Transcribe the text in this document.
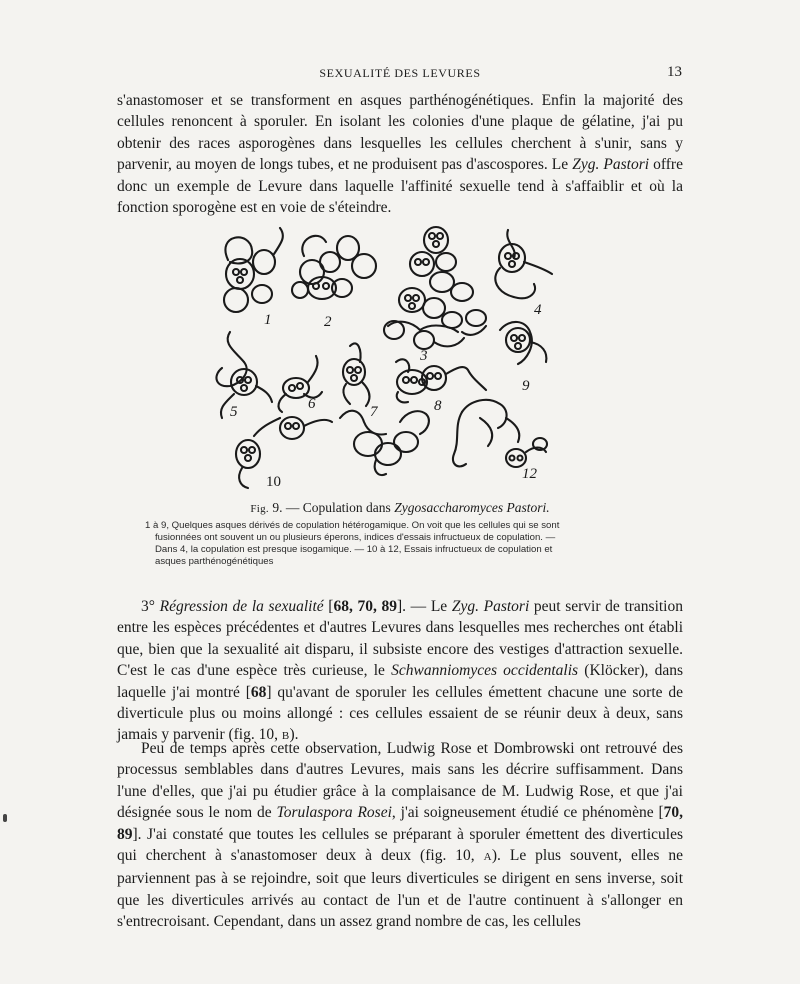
SEXUALITÉ DES LEVURES	13

s'anastomoser et se transforment en asques parthénogénétiques. Enfin la majorité des cellules renoncent à sporuler. En isolant les colonies d'une plaque de gélatine, j'ai pu obtenir des races asporogènes dans lesquelles les cellules cherchent à s'unir, sans y parvenir, au moyen de longs tubes, et ne produisent pas d'ascospores. Le Zyg. Pastori offre donc un exemple de Levure dans laquelle l'affinité sexuelle tend à s'affaiblir et où la fonction sporogène est en voie de s'éteindre.

1	2
3
4
5	6	7	8
9
10	12
Fig. 9. — Copulation dans Zygosaccharomyces Pastori.

1 à 9, Quelques asques dérivés de copulation hétérogamique. On voit que les cellules qui se sont
fusionnées ont souvent un ou plusieurs éperons, indices d'essais infructueux de copulation. —
Dans 4, la copulation est presque isogamique. — 10 à 12, Essais infructueux de copulation et
asques parthénogénétiques

3° Régression de la sexualité [68, 70, 89]. — Le Zyg. Pastori peut servir de transition entre les espèces précédentes et d'autres Levures dans lesquelles mes recherches ont établi que, bien que la sexualité ait disparu, il subsiste encore des vestiges d'attraction sexuelle. C'est le cas d'une espèce très curieuse, le Schwanniomyces occidentalis (Klöcker), dans laquelle j'ai montré [68] qu'avant de sporuler les cellules émettent chacune une sorte de diverticule plus ou moins allongé : ces cellules essaient de se réunir deux à deux, sans jamais y parvenir (fig. 10, B).

Peu de temps après cette observation, Ludwig Rose et Dombrowski ont retrouvé des processus semblables dans d'autres Levures, mais sans les décrire suffisamment. Dans l'une d'elles, que j'ai pu étudier grâce à la complaisance de M. Ludwig Rose, et que j'ai désignée sous le nom de Torulaspora Rosei, j'ai soigneusement étudié ce phénomène [70, 89]. J'ai constaté que toutes les cellules se préparant à sporuler émettent des diverticules qui cherchent à s'anastomoser deux à deux (fig. 10, A). Le plus souvent, elles ne parviennent pas à se rejoindre, soit que leurs diverticules se dirigent en sens inverse, soit que les diverticules arrivés au contact de l'un et de l'autre continuent à s'allonger en s'entrecroisant. Cependant, dans un assez grand nombre de cas, les cellules
